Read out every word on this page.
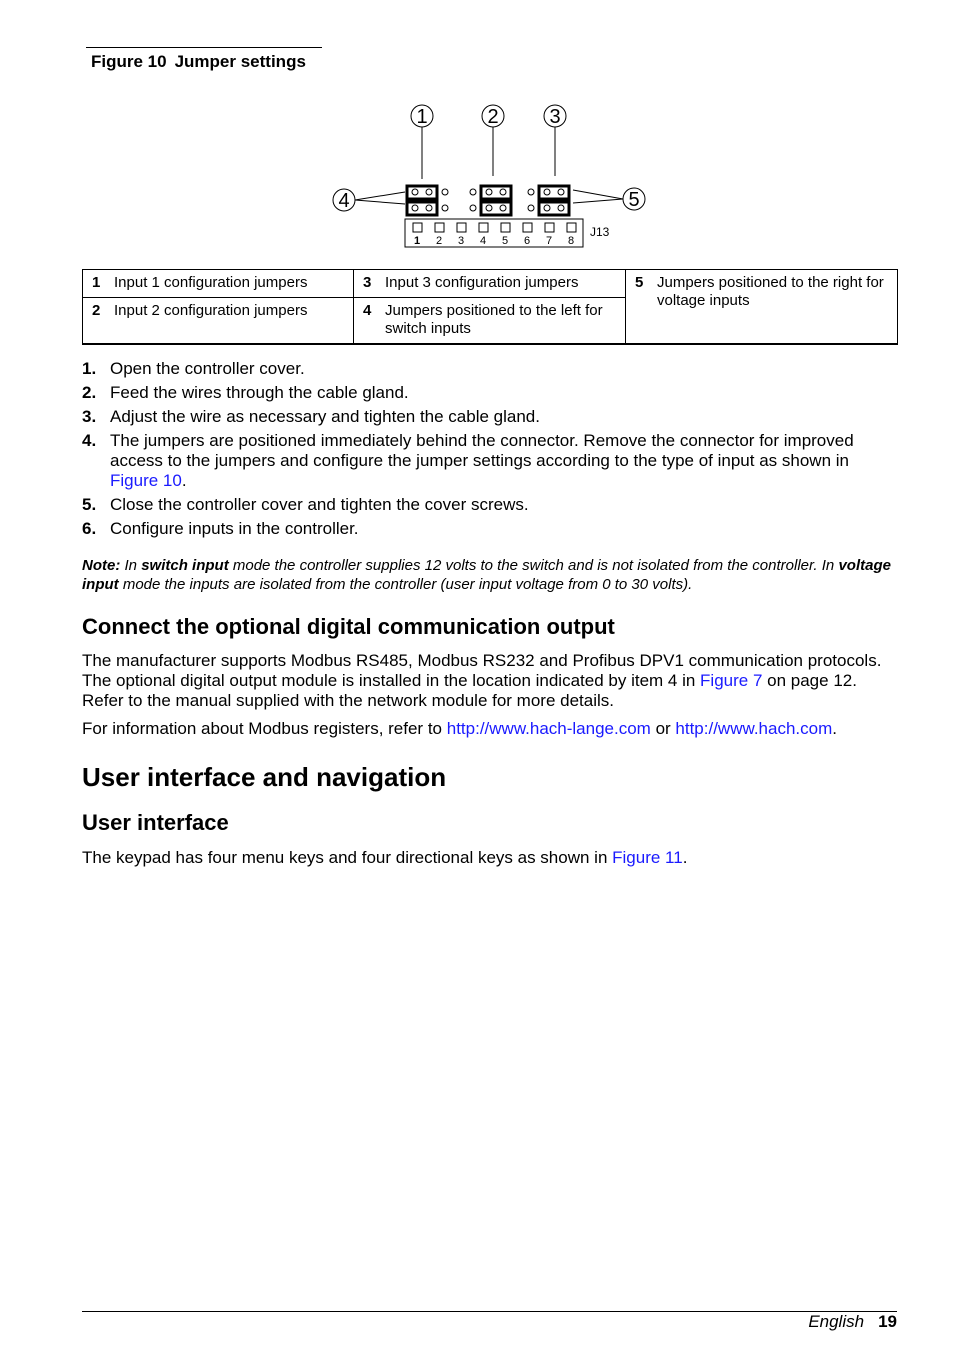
Figure 10 Jumper settings
1	2	3
4	5
1 2 3 4 5 6 7 8
J13
1 Input 1 configuration jumpers	3 Input 3 configuration jumpers	5 Jumpers positioned to the right for voltage inputs
2 Input 2 configuration jumpers	4 Jumpers positioned to the left for switch inputs	
1. Open the controller cover.
2. Feed the wires through the cable gland.
3. Adjust the wire as necessary and tighten the cable gland.
4. The jumpers are positioned immediately behind the connector. Remove the connector for improved access to the jumpers and configure the jumper settings according to the type of input as shown in Figure 10.
5. Close the controller cover and tighten the cover screws.
6. Configure inputs in the controller.
Note: In switch input mode the controller supplies 12 volts to the switch and is not isolated from the controller. In voltage input mode the inputs are isolated from the controller (user input voltage from 0 to 30 volts).
Connect the optional digital communication output

The manufacturer supports Modbus RS485, Modbus RS232 and Profibus DPV1 communication protocols. The optional digital output module is installed in the location indicated by item 4 in Figure 7 on page 12. Refer to the manual supplied with the network module for more details.

For information about Modbus registers, refer to http://www.hach-lange.com or http://www.hach.com.

User interface and navigation
User interface

The keypad has four menu keys and four directional keys as shown in Figure 11.

English 19
